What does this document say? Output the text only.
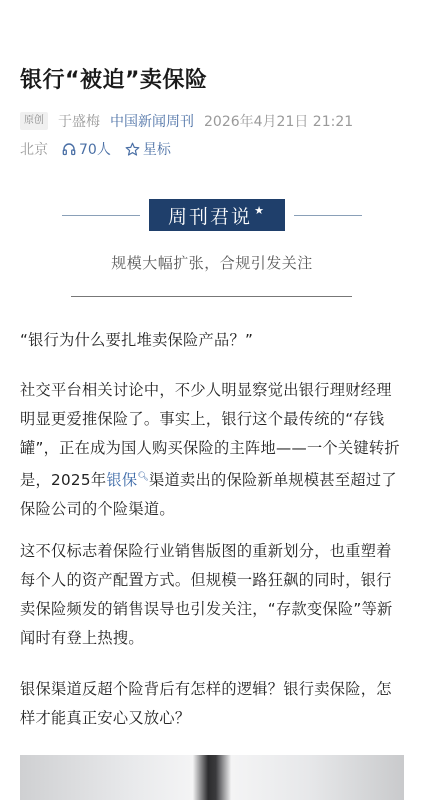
银行“被迫”卖保险
原创 于盛梅 中国新闻周刊 2026年4月21日 21:21
北京 70人 星标
周刊君说 ★
规模大幅扩张，合规引发关注

“银行为什么要扎堆卖保险产品？”

社交平台相关讨论中，不少人明显察觉出银行理财经理明显更爱推保险了。事实上，银行这个最传统的“存钱罐”，正在成为国人购买保险的主阵地——一个关键转折是，2025年银保🔍︎渠道卖出的保险新单规模甚至超过了保险公司的个险渠道。

这不仅标志着保险行业销售版图的重新划分，也重塑着每个人的资产配置方式。但规模一路狂飙的同时，银行卖保险频发的销售误导也引发关注，“存款变保险”等新闻时有登上热搜。

银保渠道反超个险背后有怎样的逻辑？银行卖保险，怎样才能真正安心又放心？
